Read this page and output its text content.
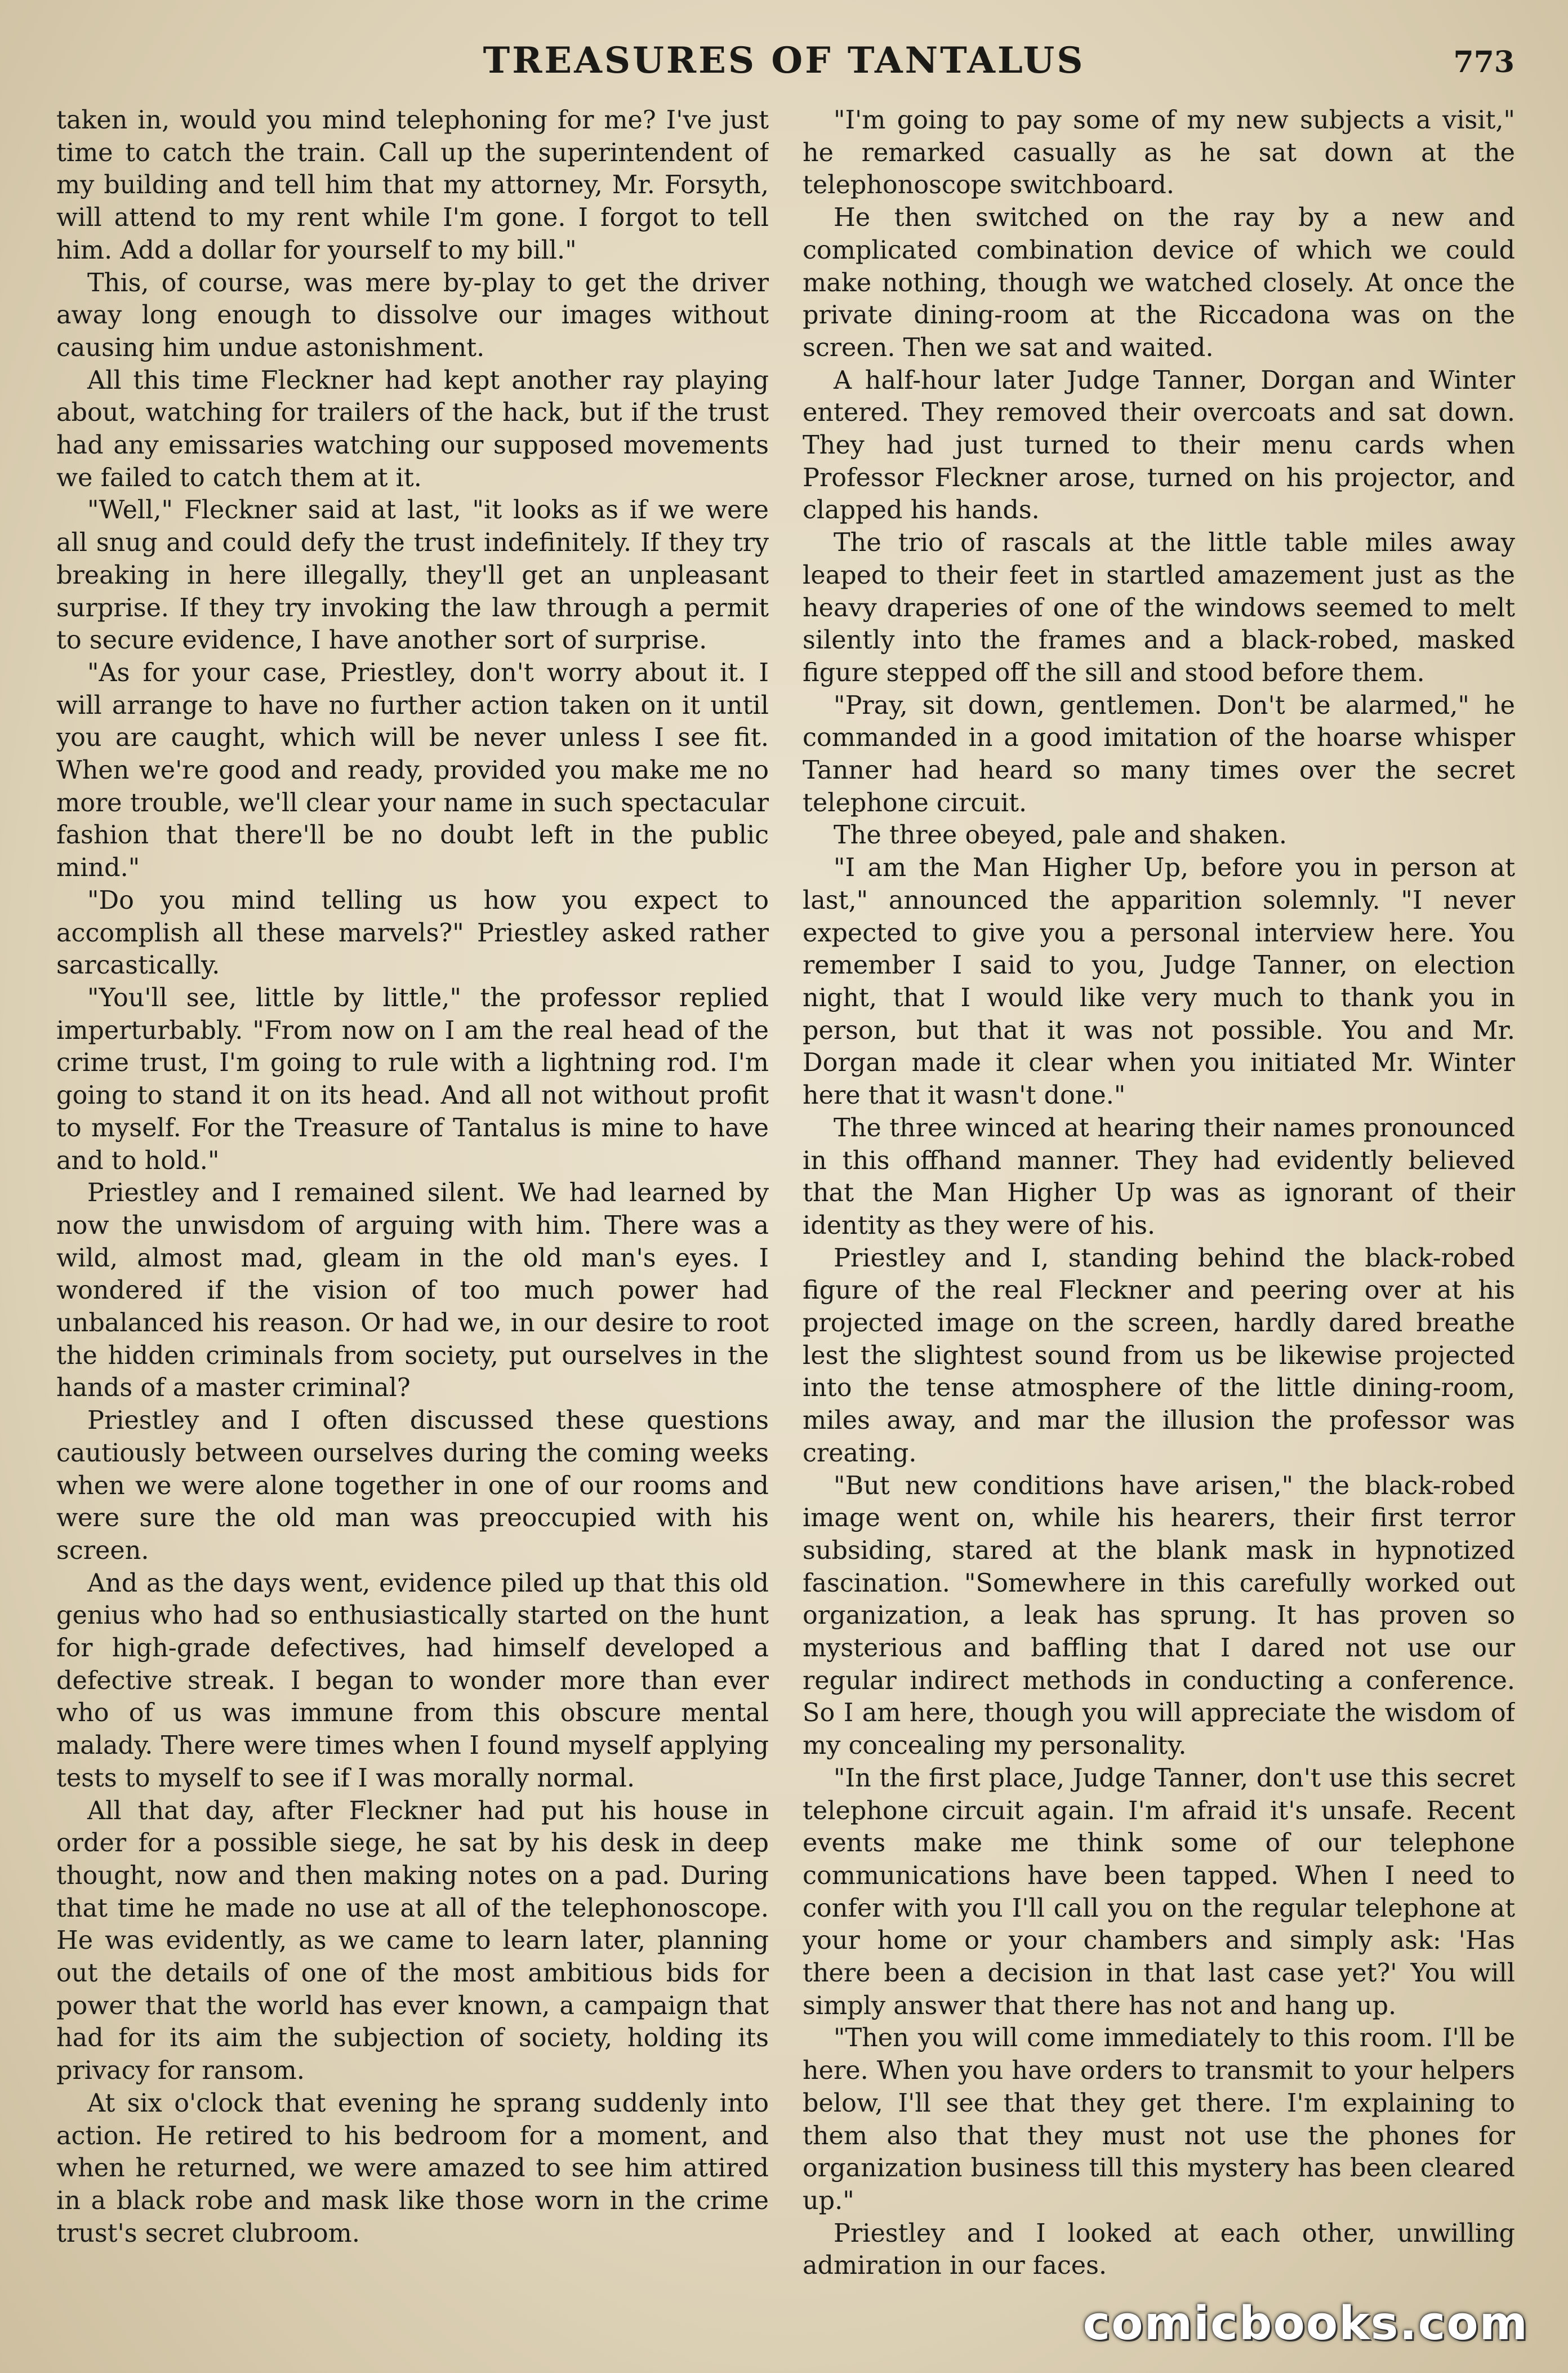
TREASURES OF TANTALUS	773

taken in, would you mind telephoning for me? I've just time to catch the train. Call up the superintendent of my building and tell him that my attorney, Mr. Forsyth, will attend to my rent while I'm gone. I forgot to tell him. Add a dollar for yourself to my bill."

This, of course, was mere by-play to get the driver away long enough to dissolve our images without causing him undue astonishment.

All this time Fleckner had kept another ray playing about, watching for trailers of the hack, but if the trust had any emissaries watching our supposed movements we failed to catch them at it.

"Well," Fleckner said at last, "it looks as if we were all snug and could defy the trust indefinitely. If they try breaking in here illegally, they'll get an unpleasant surprise. If they try invoking the law through a permit to secure evidence, I have another sort of surprise.

"As for your case, Priestley, don't worry about it. I will arrange to have no further action taken on it until you are caught, which will be never unless I see fit. When we're good and ready, provided you make me no more trouble, we'll clear your name in such spectacular fashion that there'll be no doubt left in the public mind."

"Do you mind telling us how you expect to accomplish all these marvels?" Priestley asked rather sarcastically.

"You'll see, little by little," the professor replied imperturbably. "From now on I am the real head of the crime trust, I'm going to rule with a lightning rod. I'm going to stand it on its head. And all not without profit to myself. For the Treasure of Tantalus is mine to have and to hold."

Priestley and I remained silent. We had learned by now the unwisdom of arguing with him. There was a wild, almost mad, gleam in the old man's eyes. I wondered if the vision of too much power had unbalanced his reason. Or had we, in our desire to root the hidden criminals from society, put ourselves in the hands of a master criminal?

Priestley and I often discussed these questions cautiously between ourselves during the coming weeks when we were alone together in one of our rooms and were sure the old man was preoccupied with his screen.

And as the days went, evidence piled up that this old genius who had so enthusiastically started on the hunt for high-grade defectives, had himself developed a defective streak. I began to wonder more than ever who of us was immune from this obscure mental malady. There were times when I found myself applying tests to myself to see if I was morally normal.

All that day, after Fleckner had put his house in order for a possible siege, he sat by his desk in deep thought, now and then making notes on a pad. During that time he made no use at all of the telephonoscope. He was evidently, as we came to learn later, planning out the details of one of the most ambitious bids for power that the world has ever known, a campaign that had for its aim the subjection of society, holding its privacy for ransom.

At six o'clock that evening he sprang suddenly into action. He retired to his bedroom for a moment, and when he returned, we were amazed to see him attired in a black robe and mask like those worn in the crime trust's secret clubroom.

"I'm going to pay some of my new subjects a visit," he remarked casually as he sat down at the telephonoscope switchboard.

He then switched on the ray by a new and complicated combination device of which we could make nothing, though we watched closely. At once the private dining-room at the Riccadona was on the screen. Then we sat and waited.

A half-hour later Judge Tanner, Dorgan and Winter entered. They removed their overcoats and sat down. They had just turned to their menu cards when Professor Fleckner arose, turned on his projector, and clapped his hands.

The trio of rascals at the little table miles away leaped to their feet in startled amazement just as the heavy draperies of one of the windows seemed to melt silently into the frames and a black-robed, masked figure stepped off the sill and stood before them.

"Pray, sit down, gentlemen. Don't be alarmed," he commanded in a good imitation of the hoarse whisper Tanner had heard so many times over the secret telephone circuit.

The three obeyed, pale and shaken.

"I am the Man Higher Up, before you in person at last," announced the apparition solemnly. "I never expected to give you a personal interview here. You remember I said to you, Judge Tanner, on election night, that I would like very much to thank you in person, but that it was not possible. You and Mr. Dorgan made it clear when you initiated Mr. Winter here that it wasn't done."

The three winced at hearing their names pronounced in this offhand manner. They had evidently believed that the Man Higher Up was as ignorant of their identity as they were of his.

Priestley and I, standing behind the black-robed figure of the real Fleckner and peering over at his projected image on the screen, hardly dared breathe lest the slightest sound from us be likewise projected into the tense atmosphere of the little dining-room, miles away, and mar the illusion the professor was creating.

"But new conditions have arisen," the black-robed image went on, while his hearers, their first terror subsiding, stared at the blank mask in hypnotized fascination. "Somewhere in this carefully worked out organization, a leak has sprung. It has proven so mysterious and baffling that I dared not use our regular indirect methods in conducting a conference. So I am here, though you will appreciate the wisdom of my concealing my personality.

"In the first place, Judge Tanner, don't use this secret telephone circuit again. I'm afraid it's unsafe. Recent events make me think some of our telephone communications have been tapped. When I need to confer with you I'll call you on the regular telephone at your home or your chambers and simply ask: 'Has there been a decision in that last case yet?' You will simply answer that there has not and hang up.

"Then you will come immediately to this room. I'll be here. When you have orders to transmit to your helpers below, I'll see that they get there. I'm explaining to them also that they must not use the phones for organization business till this mystery has been cleared up."

Priestley and I looked at each other, unwilling admiration in our faces.

comicbooks.com
